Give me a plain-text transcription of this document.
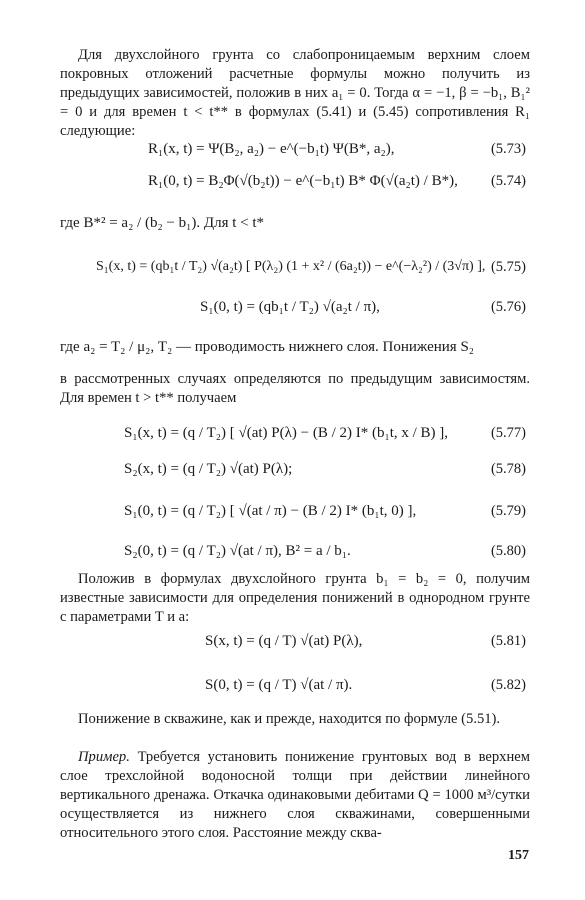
Для двухслойного грунта со слабопроницаемым верхним слоем покровных отложений расчетные формулы можно получить из предыдущих зависимостей, положив в них a₁ = 0. Тогда α = −1, β = −b₁, B₁² = 0 и для времен t < t** в формулах (5.41) и (5.45) сопротивления R₁ следующие:

R₁(x, t) = Ψ(B₂, a₂) − e^(−b₁t) Ψ(B*, a₂),	(5.73)
R₁(0, t) = B₂Φ(√(b₂t)) − e^(−b₁t) B* Φ(√(a₂t) / B*), (5.74)
где B*² = a₂ / (b₂ − b₁). Для t < t*
S₁(x, t) = (qb₁t / T₂) √(a₂t) [ P(λ₂) (1 + x² / (6a₂t)) − e^(−λ₂²) / (3√π) ], (5.75)
S₁(0, t) = (qb₁t / T₂) √(a₂t / π),	(5.76)
где a₂ = T₂ / μ₂, T₂ — проводимость нижнего слоя. Понижения S₂

в рассмотренных случаях определяются по предыдущим зависимостям. Для времен t > t** получаем

S₁(x, t) = (q / T₂) [ √(at) P(λ) − (B / 2) I* (b₁t, x / B) ],	(5.77)
S₂(x, t) = (q / T₂) √(at) P(λ);	(5.78)
S₁(0, t) = (q / T₂) [ √(at / π) − (B / 2) I* (b₁t, 0) ],	(5.79)
S₂(0, t) = (q / T₂) √(at / π), B² = a / b₁.	(5.80)

Положив в формулах двухслойного грунта b₁ = b₂ = 0, получим известные зависимости для определения понижений в однородном грунте с параметрами T и a:

S(x, t) = (q / T) √(at) P(λ),	(5.81)
S(0, t) = (q / T) √(at / π).	(5.82)

Понижение в скважине, как и прежде, находится по формуле (5.51).

Пример. Требуется установить понижение грунтовых вод в верхнем слое трехслойной водоносной толщи при действии линейного вертикального дренажа. Откачка одинаковыми дебитами Q = 1000 м³/сутки осуществляется из нижнего слоя скважинами, совершенными относительного этого слоя. Расстояние между сква-

157
